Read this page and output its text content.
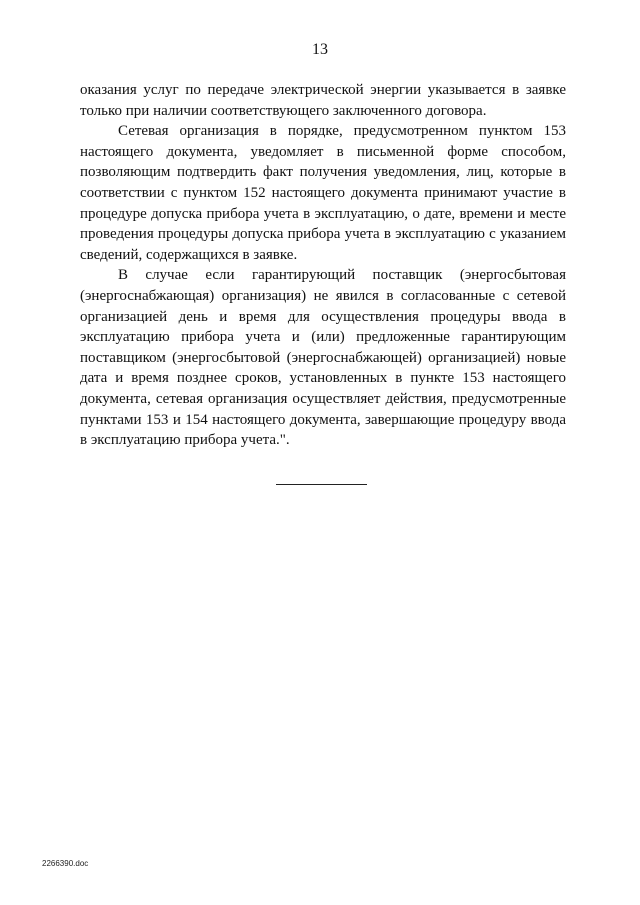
13

оказания услуг по передаче электрической энергии указывается в заявке только при наличии соответствующего заключенного договора.

Сетевая организация в порядке, предусмотренном пунктом 153 настоящего документа, уведомляет в письменной форме способом, позволяющим подтвердить факт получения уведомления, лиц, которые в соответствии с пунктом 152 настоящего документа принимают участие в процедуре допуска прибора учета в эксплуатацию, о дате, времени и месте проведения процедуры допуска прибора учета в эксплуатацию с указанием сведений, содержащихся в заявке.

В случае если гарантирующий поставщик (энергосбытовая (энергоснабжающая) организация) не явился в согласованные с сетевой организацией день и время для осуществления процедуры ввода в эксплуатацию прибора учета и (или) предложенные гарантирующим поставщиком (энергосбытовой (энергоснабжающей) организацией) новые дата и время позднее сроков, установленных в пункте 153 настоящего документа, сетевая организация осуществляет действия, предусмотренные пунктами 153 и 154 настоящего документа, завершающие процедуру ввода в эксплуатацию прибора учета.".

2266390.doc
